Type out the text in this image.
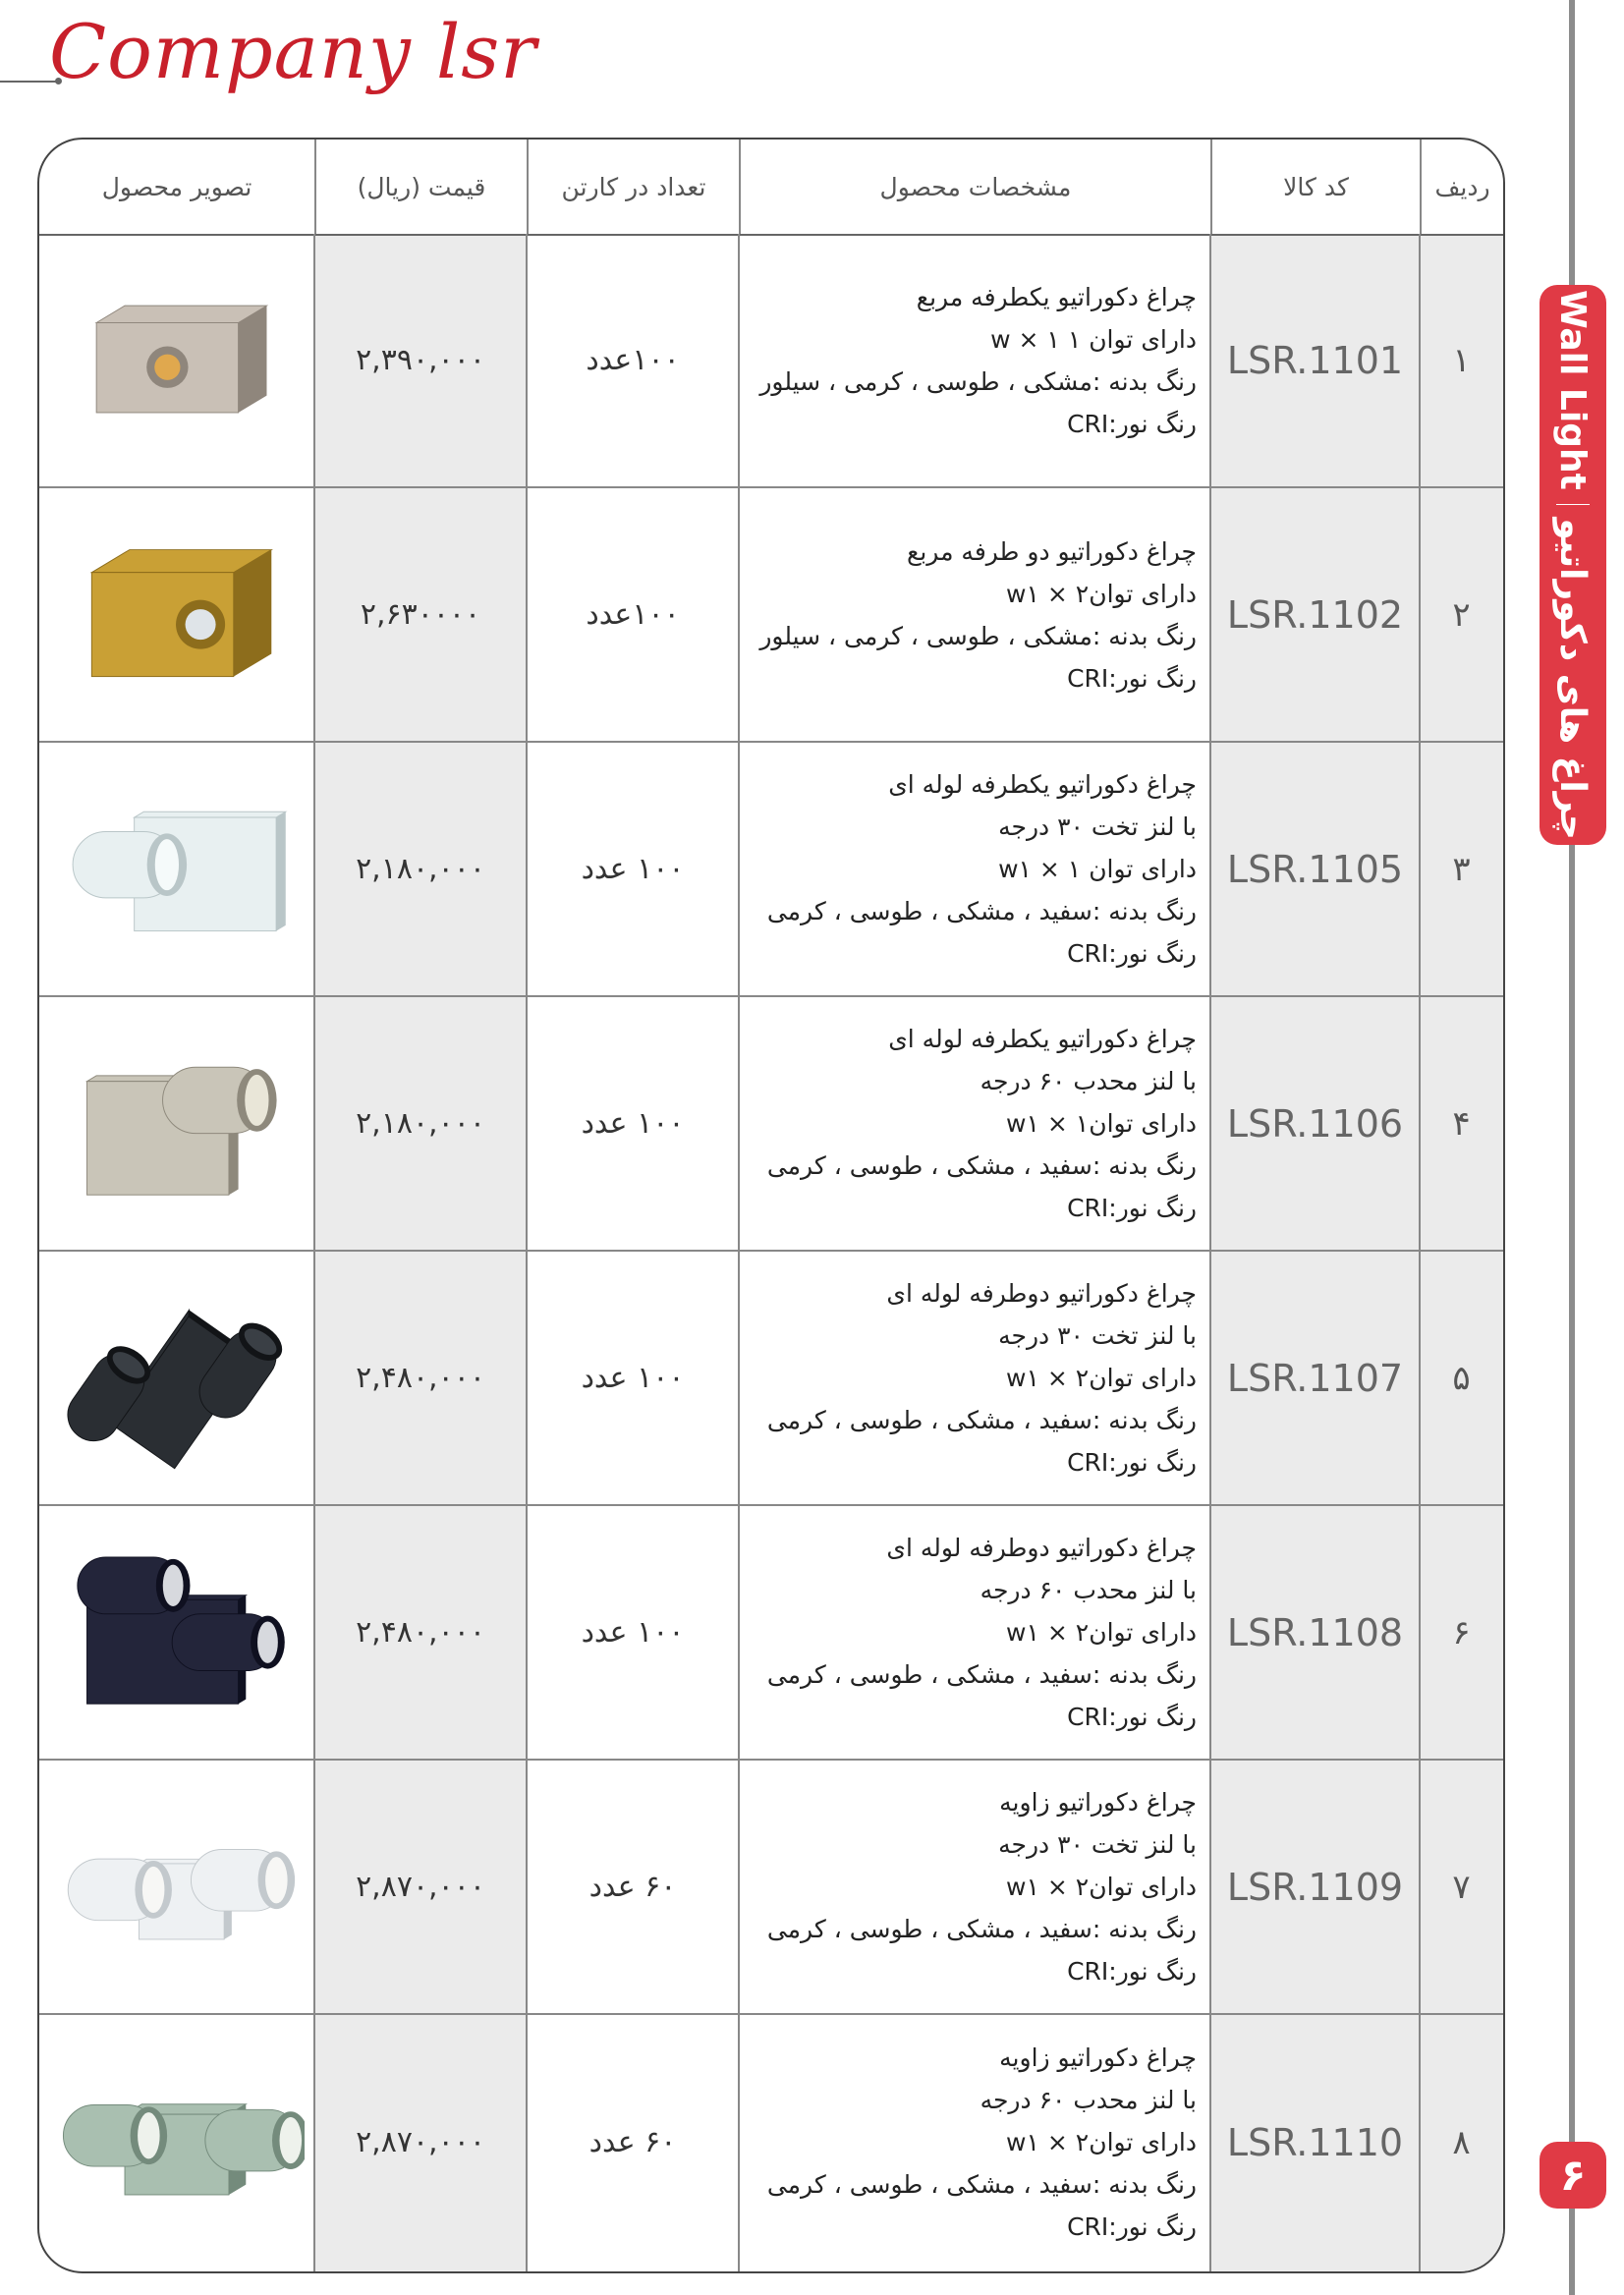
Company lsr
Wall Light
چراغ های دکوراتیو
۶
ردیف
کد کالا
مشخصات محصول
تعداد در کارتن
قیمت (ریال)
تصویر محصول
۱
LSR.1101
چراغ دکوراتیو یکطرفه مربع
دارای توان ۱ w × ۱
رنگ بدنه :مشکی ، طوسی ، کرمی ، سیلور
رنگ نور:CRI
۱۰۰عدد
۲,۳۹۰,۰۰۰
۲
LSR.1102
چراغ دکوراتیو دو طرفه مربع
دارای توانw۱ × ۲
رنگ بدنه :مشکی ، طوسی ، کرمی ، سیلور
رنگ نور:CRI
۱۰۰عدد
۲,۶۳۰۰۰۰
۳
LSR.1105
چراغ دکوراتیو یکطرفه لوله ای
با لنز تخت ۳۰ درجه
دارای توان w۱ × ۱
رنگ بدنه :سفید ، مشکی ، طوسی ، کرمی
رنگ نور:CRI
۱۰۰ عدد
۲,۱۸۰,۰۰۰
۴
LSR.1106
چراغ دکوراتیو یکطرفه لوله ای
با لنز محدب ۶۰ درجه
دارای توانw۱ × ۱
رنگ بدنه :سفید ، مشکی ، طوسی ، کرمی
رنگ نور:CRI
۱۰۰ عدد
۲,۱۸۰,۰۰۰
۵
LSR.1107
چراغ دکوراتیو دوطرفه لوله ای
با لنز تخت ۳۰ درجه
دارای توانw۱ × ۲
رنگ بدنه :سفید ، مشکی ، طوسی ، کرمی
رنگ نور:CRI
۱۰۰ عدد
۲,۴۸۰,۰۰۰
۶
LSR.1108
چراغ دکوراتیو دوطرفه لوله ای
با لنز محدب ۶۰ درجه
دارای توانw۱ × ۲
رنگ بدنه :سفید ، مشکی ، طوسی ، کرمی
رنگ نور:CRI
۱۰۰ عدد
۲,۴۸۰,۰۰۰
۷
LSR.1109
چراغ دکوراتیو زاویه
با لنز تخت ۳۰ درجه
دارای توانw۱ × ۲
رنگ بدنه :سفید ، مشکی ، طوسی ، کرمی
رنگ نور:CRI
۶۰ عدد
۲,۸۷۰,۰۰۰
۸
LSR.1110
چراغ دکوراتیو زاویه
با لنز محدب ۶۰ درجه
دارای توانw۱ × ۲
رنگ بدنه :سفید ، مشکی ، طوسی ، کرمی
رنگ نور:CRI
۶۰ عدد
۲,۸۷۰,۰۰۰
